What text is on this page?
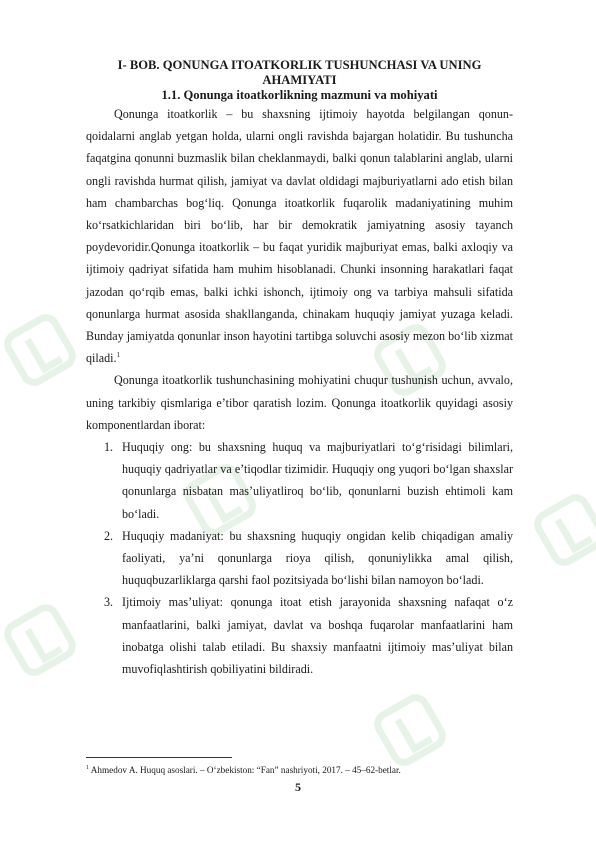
I- BOB. QONUNGA ITOATKORLIK TUSHUNCHASI VA UNING AHAMIYATI
1.1. Qonunga itoatkorlikning mazmuni va mohiyati

Qonunga itoatkorlik – bu shaxsning ijtimoiy hayotda belgilangan qonun-qoidalarni anglab yetgan holda, ularni ongli ravishda bajargan holatidir. Bu tushuncha faqatgina qonunni buzmaslik bilan cheklanmaydi, balki qonun talablarini anglab, ularni ongli ravishda hurmat qilish, jamiyat va davlat oldidagi majburiyatlarni ado etish bilan ham chambarchas bog‘liq. Qonunga itoatkorlik fuqarolik madaniyatining muhim ko‘rsatkichlaridan biri bo‘lib, har bir demokratik jamiyatning asosiy tayanch poydevoridir.Qonunga itoatkorlik – bu faqat yuridik majburiyat emas, balki axloqiy va ijtimoiy qadriyat sifatida ham muhim hisoblanadi. Chunki insonning harakatlari faqat jazodan qo‘rqib emas, balki ichki ishonch, ijtimoiy ong va tarbiya mahsuli sifatida qonunlarga hurmat asosida shakllanganda, chinakam huquqiy jamiyat yuzaga keladi. Bunday jamiyatda qonunlar inson hayotini tartibga soluvchi asosiy mezon bo‘lib xizmat qiladi.$^1$

Qonunga itoatkorlik tushunchasining mohiyatini chuqur tushunish uchun, avvalo, uning tarkibiy qismlariga e’tibor qaratish lozim. Qonunga itoatkorlik quyidagi asosiy komponentlardan iborat:

1. Huquqiy ong: bu shaxsning huquq va majburiyatlari to‘g‘risidagi bilimlari, huquqiy qadriyatlar va e’tiqodlar tizimidir. Huquqiy ong yuqori bo‘lgan shaxslar qonunlarga nisbatan mas’uliyatliroq bo‘lib, qonunlarni buzish ehtimoli kam bo‘ladi.
2. Huquqiy madaniyat: bu shaxsning huquqiy ongidan kelib chiqadigan amaliy faoliyati, ya’ni qonunlarga rioya qilish, qonuniylikka amal qilish, huquqbuzarliklarga qarshi faol pozitsiyada bo‘lishi bilan namoyon bo‘ladi.
3. Ijtimoiy mas’uliyat: qonunga itoat etish jarayonida shaxsning nafaqat o‘z manfaatlarini, balki jamiyat, davlat va boshqa fuqarolar manfaatlarini ham inobatga olishi talab etiladi. Bu shaxsiy manfaatni ijtimoiy mas’uliyat bilan muvofiqlashtirish qobiliyatini bildiradi.
$^1$ Ahmedov A. Huquq asoslari. – O‘zbekiston: “Fan” nashriyoti, 2017. – 45–62-betlar.
5
